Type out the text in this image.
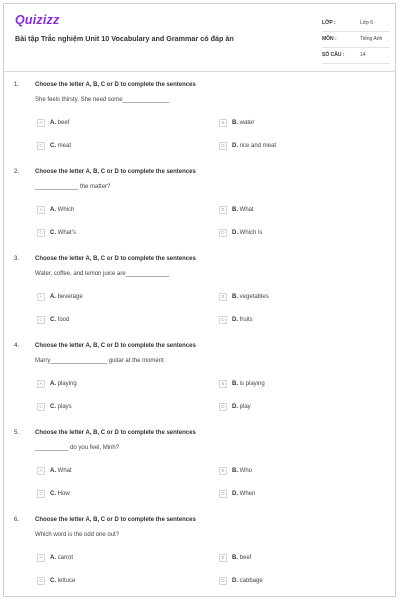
Quizizz
Bài tập Trắc nghiệm Unit 10 Vocabulary and Grammar có đáp án
LỚP :	Lớp 6
MÔN :	Tiếng Anh
SỐ CÂU :	14
1.	Choose the letter A, B, C or D to complete the sentences
She feels thirsty. She need some______________
A	A. beef	B	B. water
C	C. meat	D	D. rice and meat
2.	Choose the letter A, B, C or D to complete the sentences
_____________ the matter?
A	A. Which	B	B. What
C	C. What's	D	D. Which is
3.	Choose the letter A, B, C or D to complete the sentences
Water, coffee, and lemon juice are_____________
A	A. beverage	B	B. vegetables
C	C. food	D	D. fruits
4.	Choose the letter A, B, C or D to complete the sentences
Marry_________________ guitar at the moment
A	A. playing	B	B. is playing
C	C. plays	D	D. play
5.	Choose the letter A, B, C or D to complete the sentences
__________ do you feel, Minh?
A	A. What	B	B. Who
C	C. How	D	D. When
6.	Choose the letter A, B, C or D to complete the sentences
Which word is the odd one out?
A	A. carrot	B	B. beef
C	C. lettuce	D	D. cabbage
